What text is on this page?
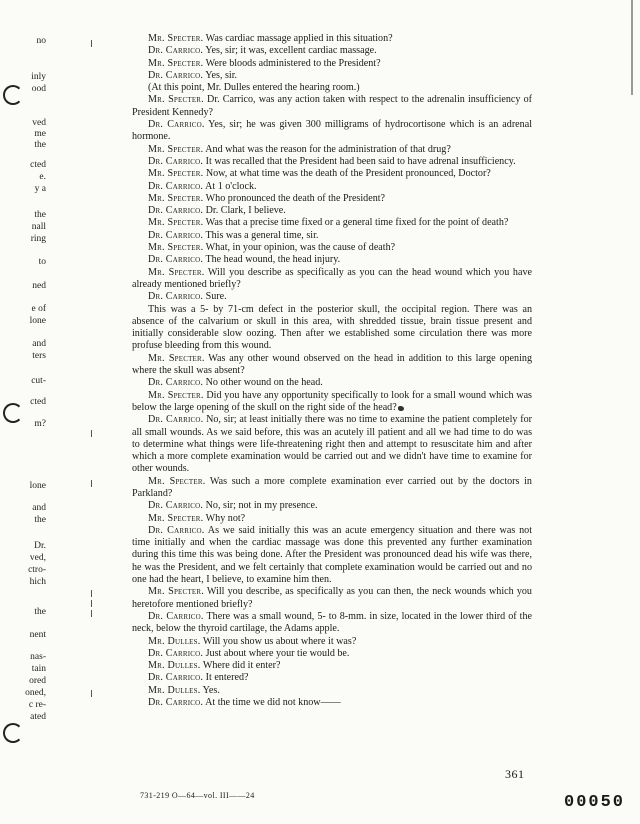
no
inly
ood
ved
me
the
cted
e.
y a
the
nall
ring
to
ned
e of
lone
and
ters
cut-
cted
m?
lone
and
the
Dr.
ved,
ctro-
hich
the
nent
nas-
tain
ored
oned,
c re-
ated

Mr. Specter. Was cardiac massage applied in this situation?

Dr. Carrico. Yes, sir; it was, excellent cardiac massage.

Mr. Specter. Were bloods administered to the President?

Dr. Carrico. Yes, sir.

(At this point, Mr. Dulles entered the hearing room.)

Mr. Specter. Dr. Carrico, was any action taken with respect to the adrenalin insufficiency of President Kennedy?

Dr. Carrico. Yes, sir; he was given 300 milligrams of hydrocortisone which is an adrenal hormone.

Mr. Specter. And what was the reason for the administration of that drug?

Dr. Carrico. It was recalled that the President had been said to have adrenal insufficiency.

Mr. Specter. Now, at what time was the death of the President pronounced, Doctor?

Dr. Carrico. At 1 o'clock.

Mr. Specter. Who pronounced the death of the President?

Dr. Carrico. Dr. Clark, I believe.

Mr. Specter. Was that a precise time fixed or a general time fixed for the point of death?

Dr. Carrico. This was a general time, sir.

Mr. Specter. What, in your opinion, was the cause of death?

Dr. Carrico. The head wound, the head injury.

Mr. Specter. Will you describe as specifically as you can the head wound which you have already mentioned briefly?

Dr. Carrico. Sure.

This was a 5- by 71-cm defect in the posterior skull, the occipital region. There was an absence of the calvarium or skull in this area, with shredded tissue, brain tissue present and initially considerable slow oozing. Then after we established some circulation there was more profuse bleeding from this wound.

Mr. Specter. Was any other wound observed on the head in addition to this large opening where the skull was absent?

Dr. Carrico. No other wound on the head.

Mr. Specter. Did you have any opportunity specifically to look for a small wound which was below the large opening of the skull on the right side of the head?

Dr. Carrico. No, sir; at least initially there was no time to examine the patient completely for all small wounds. As we said before, this was an acutely ill patient and all we had time to do was to determine what things were life-threatening right then and attempt to resuscitate him and after which a more complete examination would be carried out and we didn't have time to examine for other wounds.

Mr. Specter. Was such a more complete examination ever carried out by the doctors in Parkland?

Dr. Carrico. No, sir; not in my presence.

Mr. Specter. Why not?

Dr. Carrico. As we said initially this was an acute emergency situation and there was not time initially and when the cardiac massage was done this prevented any further examination during this time this was being done. After the President was pronounced dead his wife was there, he was the President, and we felt certainly that complete examination would be carried out and no one had the heart, I believe, to examine him then.

Mr. Specter. Will you describe, as specifically as you can then, the neck wounds which you heretofore mentioned briefly?

Dr. Carrico. There was a small wound, 5- to 8-mm. in size, located in the lower third of the neck, below the thyroid cartilage, the Adams apple.

Mr. Dulles. Will you show us about where it was?

Dr. Carrico. Just about where your tie would be.

Mr. Dulles. Where did it enter?

Dr. Carrico. It entered?

Mr. Dulles. Yes.

Dr. Carrico. At the time we did not know——

361
731-219 O—64—vol. III——24	00050
